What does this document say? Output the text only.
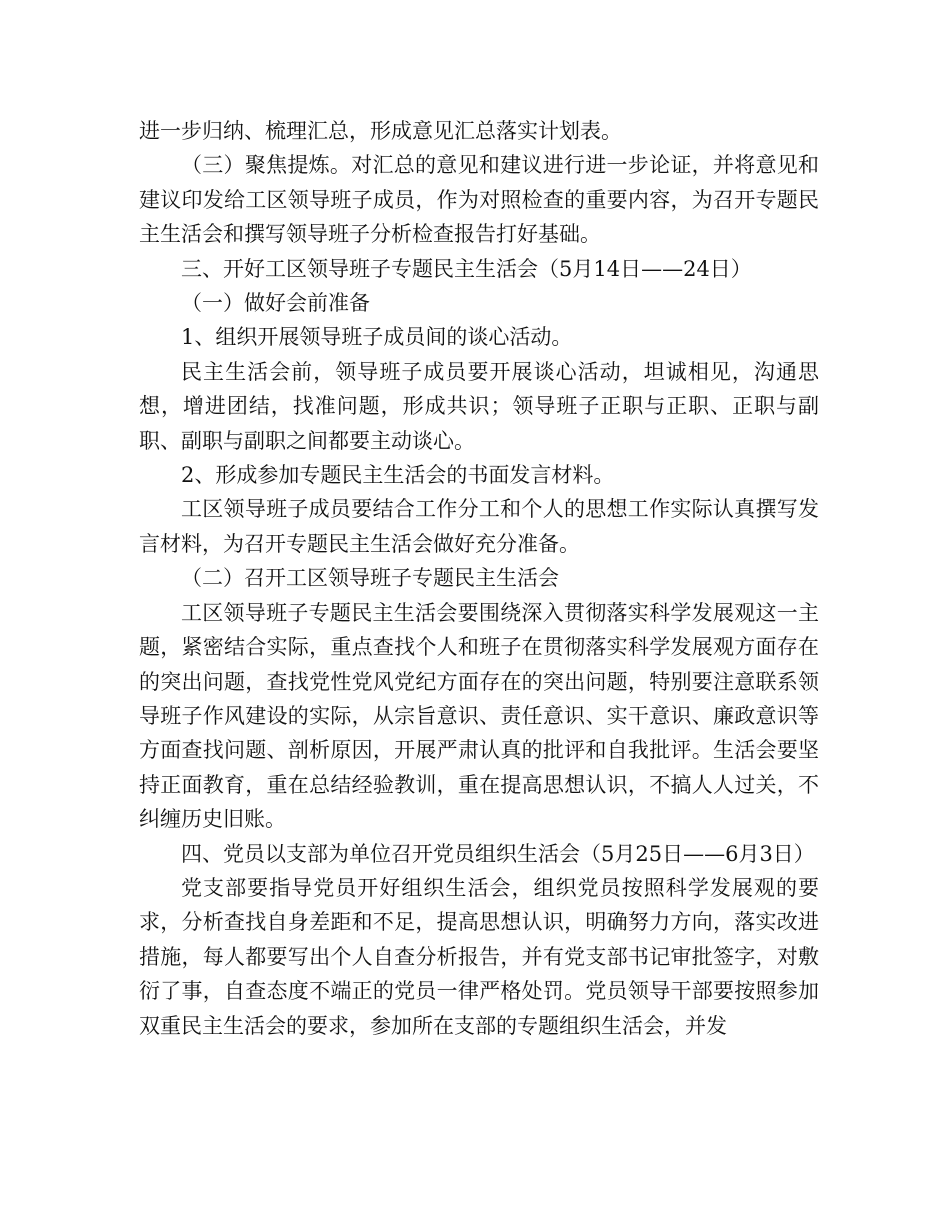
进一步归纳、梳理汇总，形成意见汇总落实计划表。

（三）聚焦提炼。对汇总的意见和建议进行进一步论证，并将意见和建议印发给工区领导班子成员，作为对照检查的重要内容，为召开专题民主生活会和撰写领导班子分析检查报告打好基础。

三、开好工区领导班子专题民主生活会（5月14日——24日）

（一）做好会前准备

1、组织开展领导班子成员间的谈心活动。

民主生活会前，领导班子成员要开展谈心活动，坦诚相见，沟通思想，增进团结，找准问题，形成共识；领导班子正职与正职、正职与副职、副职与副职之间都要主动谈心。

2、形成参加专题民主生活会的书面发言材料。

工区领导班子成员要结合工作分工和个人的思想工作实际认真撰写发言材料，为召开专题民主生活会做好充分准备。

（二）召开工区领导班子专题民主生活会

工区领导班子专题民主生活会要围绕深入贯彻落实科学发展观这一主题，紧密结合实际，重点查找个人和班子在贯彻落实科学发展观方面存在的突出问题，查找党性党风党纪方面存在的突出问题，特别要注意联系领导班子作风建设的实际，从宗旨意识、责任意识、实干意识、廉政意识等方面查找问题、剖析原因，开展严肃认真的批评和自我批评。生活会要坚持正面教育，重在总结经验教训，重在提高思想认识，不搞人人过关，不纠缠历史旧账。

四、党员以支部为单位召开党员组织生活会（5月25日——6月3日）

党支部要指导党员开好组织生活会，组织党员按照科学发展观的要求，分析查找自身差距和不足，提高思想认识，明确努力方向，落实改进措施，每人都要写出个人自查分析报告，并有党支部书记审批签字，对敷衍了事，自查态度不端正的党员一律严格处罚。党员领导干部要按照参加双重民主生活会的要求，参加所在支部的专题组织生活会，并发
